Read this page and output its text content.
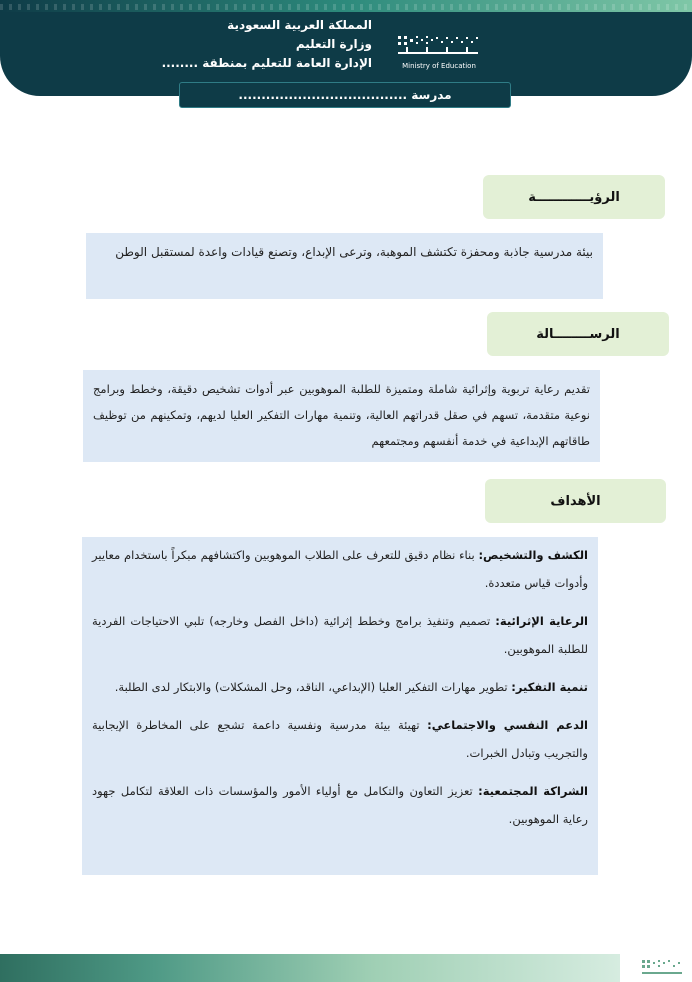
المملكة العربية السعودية
وزارة التعليم
الإدارة العامة للتعليم بمنطقة ........	Ministry of Education
مدرسة .....................................
الرؤيــــــــــــة
بيئة مدرسية جاذبة ومحفزة تكتشف الموهبة، وترعى الإبداع، وتصنع قيادات واعدة لمستقبل الوطن
الرســــــــالة
تقديم رعاية تربوية وإثرائية شاملة ومتميزة للطلبة الموهوبين عبر أدوات تشخيص دقيقة، وخطط وبرامج نوعية متقدمة، تسهم في صقل قدراتهم العالية، وتنمية مهارات التفكير العليا لديهم، وتمكينهم من توظيف طاقاتهم الإبداعية في خدمة أنفسهم ومجتمعهم
الأهداف
الكشف والتشخيص: بناء نظام دقيق للتعرف على الطلاب الموهوبين واكتشافهم مبكراً باستخدام معايير وأدوات قياس متعددة.
الرعاية الإثرائية: تصميم وتنفيذ برامج وخطط إثرائية (داخل الفصل وخارجه) تلبي الاحتياجات الفردية للطلبة الموهوبين.
تنمية التفكير: تطوير مهارات التفكير العليا (الإبداعي، الناقد، وحل المشكلات) والابتكار لدى الطلبة.
الدعم النفسي والاجتماعي: تهيئة بيئة مدرسية ونفسية داعمة تشجع على المخاطرة الإيجابية والتجريب وتبادل الخبرات.
الشراكة المجتمعية: تعزيز التعاون والتكامل مع أولياء الأمور والمؤسسات ذات العلاقة لتكامل جهود رعاية الموهوبين.
